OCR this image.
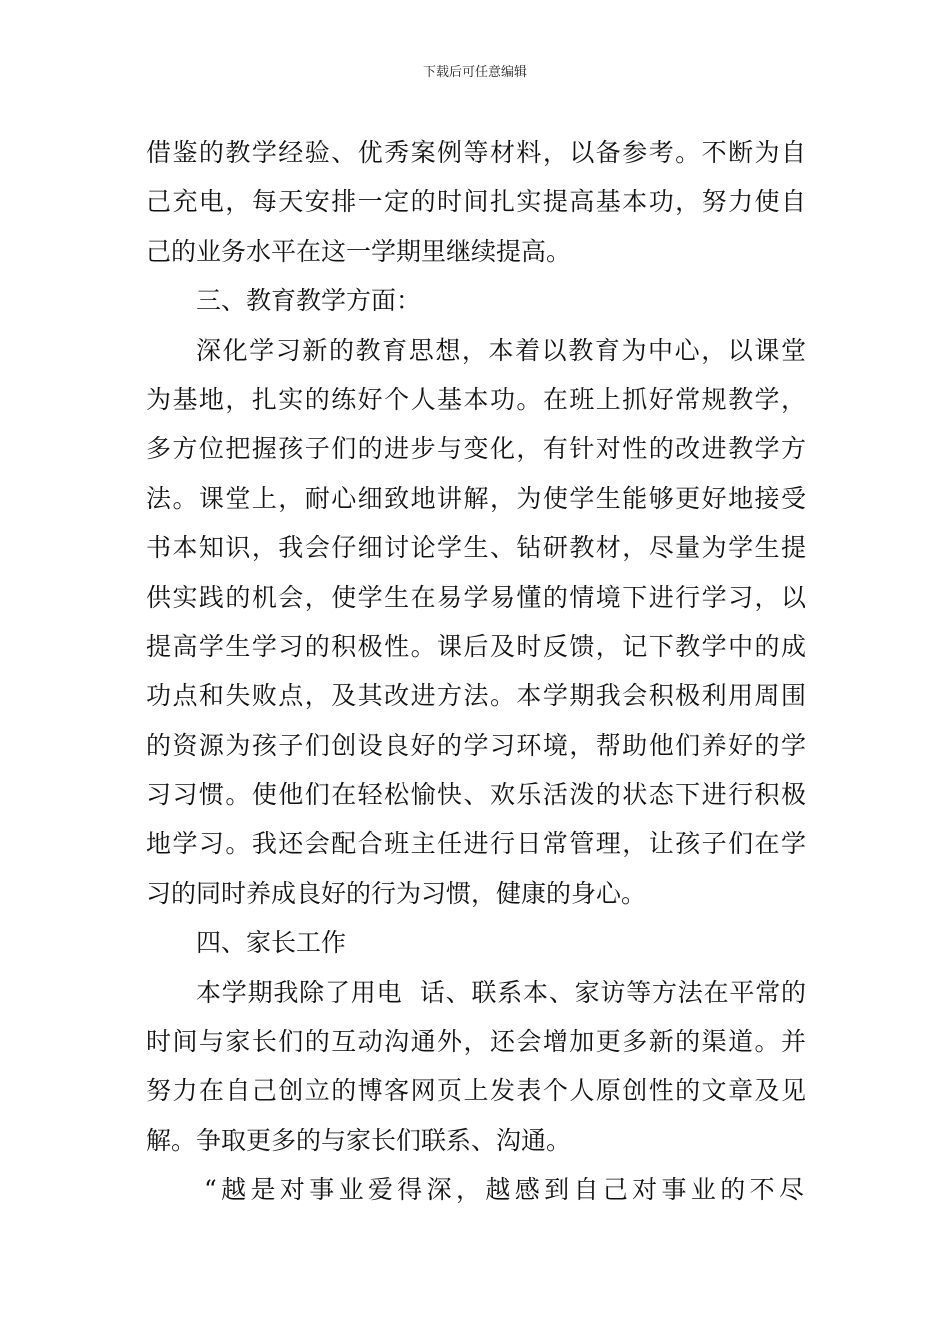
下载后可任意编辑
借鉴的教学经验、优秀案例等材料，以备参考。不断为自
己充电，每天安排一定的时间扎实提高基本功，努力使自
己的业务水平在这一学期里继续提高。
三、教育教学方面：
深化学习新的教育思想，本着以教育为中心，以课堂
为基地，扎实的练好个人基本功。在班上抓好常规教学，
多方位把握孩子们的进步与变化，有针对性的改进教学方
法。课堂上，耐心细致地讲解，为使学生能够更好地接受
书本知识，我会仔细讨论学生、钻研教材，尽量为学生提
供实践的机会，使学生在易学易懂的情境下进行学习，以
提高学生学习的积极性。课后及时反馈，记下教学中的成
功点和失败点，及其改进方法。本学期我会积极利用周围
的资源为孩子们创设良好的学习环境，帮助他们养好的学
习习惯。使他们在轻松愉快、欢乐活泼的状态下进行积极
地学习。我还会配合班主任进行日常管理，让孩子们在学
习的同时养成良好的行为习惯，健康的身心。
四、家长工作
本学期我除了用电  话、联系本、家访等方法在平常的
时间与家长们的互动沟通外，还会增加更多新的渠道。并
努力在自己创立的博客网页上发表个人原创性的文章及见
解。争取更多的与家长们联系、沟通。
“越是对事业爱得深，越感到自己对事业的不尽
